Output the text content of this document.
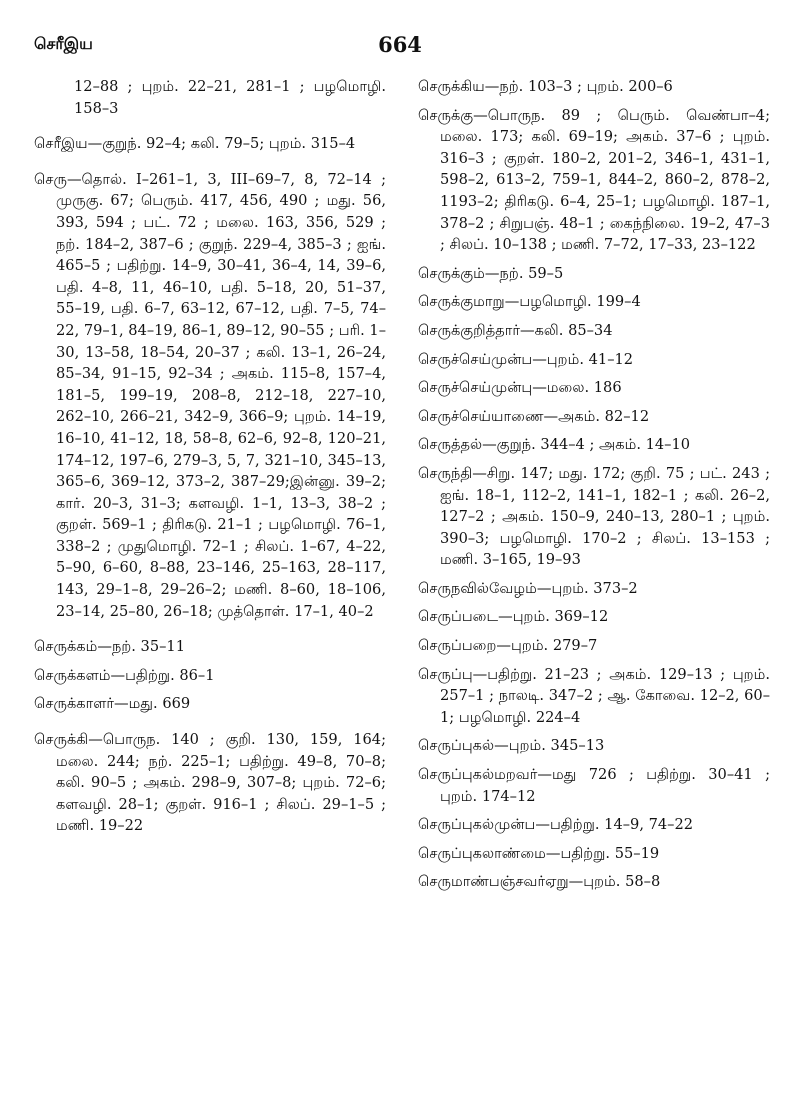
செரீஇய	664

12–88 ; புறம். 22–21, 281–1 ; பழமொழி. 158–3

செரீஇய—குறுந். 92–4; கலி. 79–5; புறம். 315–4

செரு—தொல். I–261–1, 3, III–69–7, 8, 72–14 ; முருகு. 67; பெரும். 417, 456, 490 ; மது. 56, 393, 594 ; பட். 72 ; மலை. 163, 356, 529 ; நற். 184–2, 387–6 ; குறுந். 229–4, 385–3 ; ஐங். 465–5 ; பதிற்று. 14–9, 30–41, 36–4, 14, 39–6, பதி. 4–8, 11, 46–10, பதி. 5–18, 20, 51–37, 55–19, பதி. 6–7, 63–12, 67–12, பதி. 7–5, 74–22, 79–1, 84–19, 86–1, 89–12, 90–55 ; பரி. 1–30, 13–58, 18–54, 20–37 ; கலி. 13–1, 26–24, 85–34, 91–15, 92–34 ; அகம். 115–8, 157–4, 181–5, 199–19, 208–8, 212–18, 227–10, 262–10, 266–21, 342–9, 366–9; புறம். 14–19, 16–10, 41–12, 18, 58–8, 62–6, 92–8, 120–21, 174–12, 197–6, 279–3, 5, 7, 321–10, 345–13, 365–6, 369–12, 373–2, 387–29;இன்னு. 39–2; கார். 20–3, 31–3; களவழி. 1–1, 13–3, 38–2 ; குறள். 569–1 ; திரிகடு. 21–1 ; பழமொழி. 76–1, 338–2 ; முதுமொழி. 72–1 ; சிலப். 1–67, 4–22, 5–90, 6–60, 8–88, 23–146, 25–163, 28–117, 143, 29–1–8, 29–26–2; மணி. 8–60, 18–106, 23–14, 25–80, 26–18; முத்தொள். 17–1, 40–2

செருக்கம்—நற். 35–11

செருக்களம்—பதிற்று. 86–1

செருக்காளர்—மது. 669

செருக்கி—பொருந. 140 ; குறி. 130, 159, 164; மலை. 244; நற். 225–1; பதிற்று. 49–8, 70–8; கலி. 90–5 ; அகம். 298–9, 307–8; புறம். 72–6; களவழி. 28–1; குறள். 916–1 ; சிலப். 29–1–5 ; மணி. 19–22

செருக்கிய—நற். 103–3 ; புறம். 200–6

செருக்கு—பொருந. 89 ; பெரும். வெண்பா–4; மலை. 173; கலி. 69–19; அகம். 37–6 ; புறம். 316–3 ; குறள். 180–2, 201–2, 346–1, 431–1, 598–2, 613–2, 759–1, 844–2, 860–2, 878–2, 1193–2; திரிகடு. 6–4, 25–1; பழமொழி. 187–1, 378–2 ; சிறுபஞ். 48–1 ; கைந்நிலை. 19–2, 47–3 ; சிலப். 10–138 ; மணி. 7–72, 17–33, 23–122

செருக்கும்—நற். 59–5

செருக்குமாறு—பழமொழி. 199–4

செருக்குறித்தார்—கலி. 85–34

செருச்செய்முன்ப—புறம். 41–12

செருச்செய்முன்பு—மலை. 186

செருச்செய்யாணை—அகம். 82–12

செருத்தல்—குறுந். 344–4 ; அகம். 14–10

செருந்தி—சிறு. 147; மது. 172; குறி. 75 ; பட். 243 ; ஐங். 18–1, 112–2, 141–1, 182–1 ; கலி. 26–2, 127–2 ; அகம். 150–9, 240–13, 280–1 ; புறம். 390–3; பழமொழி. 170–2 ; சிலப். 13–153 ; மணி. 3–165, 19–93

செருநவில்வேழம்—புறம். 373–2

செருப்படை—புறம். 369–12

செருப்பறை—புறம். 279–7

செருப்பு—பதிற்று. 21–23 ; அகம். 129–13 ; புறம். 257–1 ; நாலடி. 347–2 ; ஆ. கோவை. 12–2, 60–1; பழமொழி. 224–4

செருப்புகல்—புறம். 345–13

செருப்புகல்மறவர்—மது 726 ; பதிற்று. 30–41 ; புறம். 174–12

செருப்புகல்முன்ப—பதிற்று. 14–9, 74–22

செருப்புகலாண்மை—பதிற்று. 55–19

செருமாண்பஞ்சவர்ஏறு—புறம். 58–8
